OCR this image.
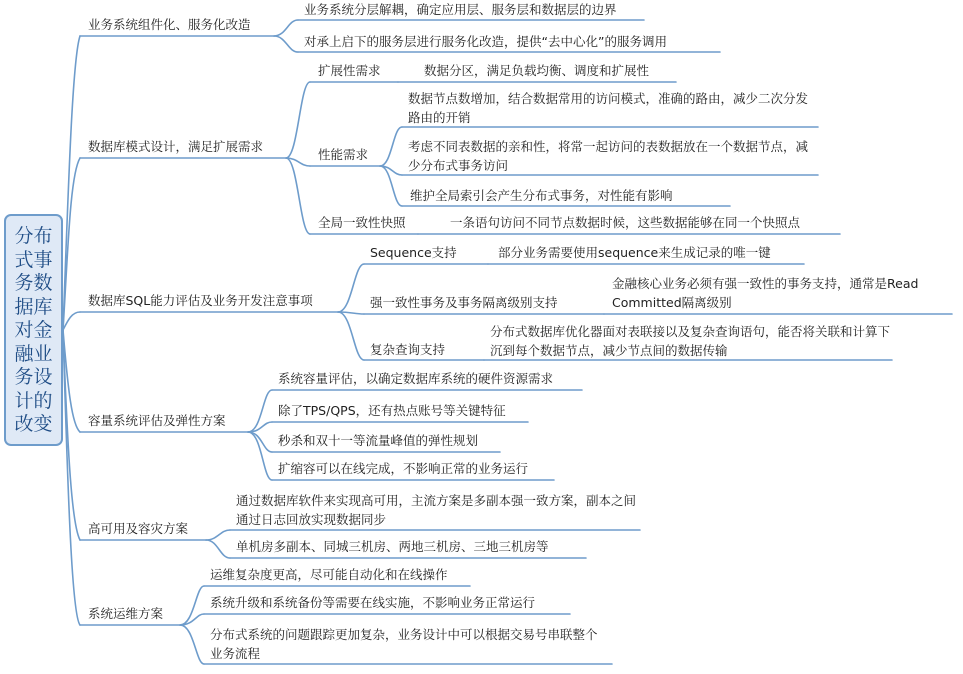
分布式事务数据库对金融业务设计的改变
业务系统组件化、服务化改造
业务系统分层解耦，确定应用层、服务层和数据层的边界
对承上启下的服务层进行服务化改造，提供“去中心化”的服务调用
数据库模式设计，满足扩展需求
扩展性需求	数据分区，满足负载均衡、调度和扩展性
性能需求
数据节点数增加，结合数据常用的访问模式，准确的路由，减少二次分发路由的开销
考虑不同表数据的亲和性，将常一起访问的表数据放在一个数据节点，减少分布式事务访问
维护全局索引会产生分布式事务，对性能有影响
全局一致性快照	一条语句访问不同节点数据时候，这些数据能够在同一个快照点
数据库SQL能力评估及业务开发注意事项
Sequence支持	部分业务需要使用sequence来生成记录的唯一键
强一致性事务及事务隔离级别支持
金融核心业务必须有强一致性的事务支持，通常是Read Committed隔离级别
复杂查询支持
分布式数据库优化器面对表联接以及复杂查询语句，能否将关联和计算下沉到每个数据节点，减少节点间的数据传输
容量系统评估及弹性方案
系统容量评估，以确定数据库系统的硬件资源需求
除了TPS/QPS，还有热点账号等关键特征
秒杀和双十一等流量峰值的弹性规划
扩缩容可以在线完成，不影响正常的业务运行
高可用及容灾方案
通过数据库软件来实现高可用，主流方案是多副本强一致方案，副本之间通过日志回放实现数据同步
单机房多副本、同城三机房、两地三机房、三地三机房等
系统运维方案
运维复杂度更高，尽可能自动化和在线操作
系统升级和系统备份等需要在线实施，不影响业务正常运行
分布式系统的问题跟踪更加复杂，业务设计中可以根据交易号串联整个业务流程
